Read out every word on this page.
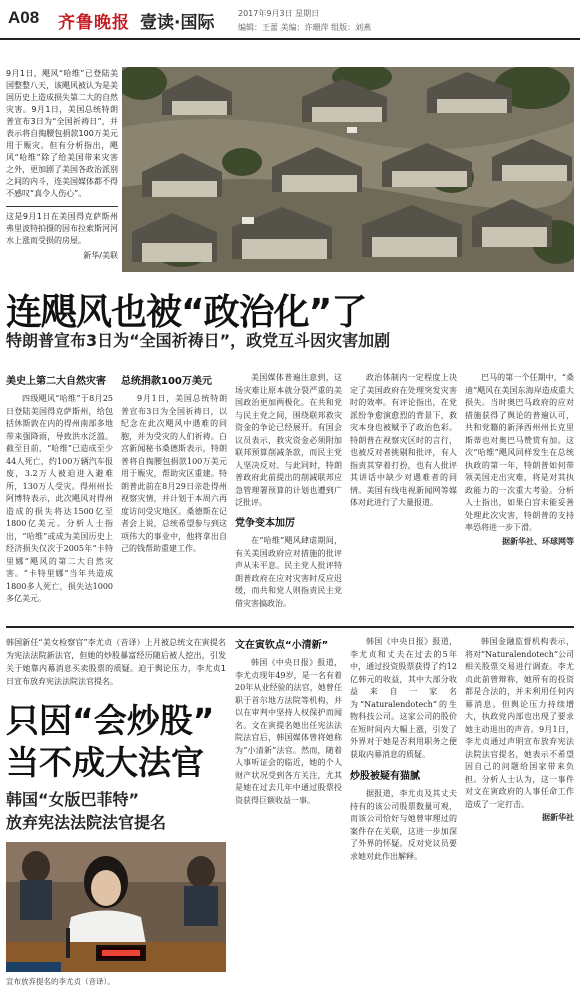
A08 齐鲁晚报 壹读·国际	2017年9月3日 星期日
编辑：王蕾 美编：许珊萍 组版：刘燕

9月1日，飓风“哈维”已登陆美国整整八天，该飓风被认为是美国历史上造成损失第二大的自然灾害。9月1日，美国总统特朗普宣布3日为“全国祈祷日”，并表示将自掏腰包捐款100万美元用于赈灾。但有分析指出，飓风“哈维”除了给美国带来灾害之外，更加剧了美国各政治派别之间的内斗，连美国媒体都不得不感叹“真令人伤心”。

这是9月1日在美国得克萨斯州弗里波特拍摄的因布拉索斯河河水上涨而受损的房屋。
新华/美联
连飓风也被“政治化”了
特朗普宣布3日为“全国祈祷日”，政党互斗因灾害加剧
美史上第二大自然灾害

四级飓风“哈维”于8月25日登陆美国得克萨斯州，给包括休斯敦在内的得州南部多地带来强降雨，导致洪水泛滥。截至目前，“哈维”已造成至少44人死亡，约100万辆汽车报废，3.2万人被迫进入避难所，130万人受灾。得州州长阿博特表示，此次飓风对得州造成的损失将达1500亿至1800亿美元。分析人士指出，“哈维”或成为美国历史上经济损失仅次于2005年“卡特里娜”飓风的第二大自然灾害。“卡特里娜”当年共造成1800多人死亡，损失达1000多亿美元。

总统捐款100万美元

9月1日，美国总统特朗普宣布3日为全国祈祷日，以纪念在此次飓风中遇难的同胞，并为受灾的人们祈祷。白宫新闻秘书桑德斯表示，特朗普将自掏腰包捐款100万美元用于赈灾，帮助灾区重建。特朗普此前在8月29日亲赴得州视察灾情，并计划于本周六再度访问受灾地区。桑德斯在记者会上说，总统希望参与到这项伟大的事业中，他将拿出自己的钱帮助重建工作。

美国媒体普遍注意到，这场灾难让原本就分裂严重的美国政治更加两极化。在共和党与民主党之间，围绕联邦救灾资金的争论已经展开。有国会议员表示，救灾资金必须附加联邦预算削减条款，而民主党人坚决反对。与此同时，特朗普政府此前提出的削减联邦应急管理署预算的计划也遭到广泛批评。

党争变本加厉

在“哈维”飓风肆虐期间，有关美国政府应对措施的批评声从未平息。民主党人批评特朗普政府在应对灾害时反应迟缓，而共和党人则指责民主党借灾害搞政治。

政治体制内一定程度上决定了美国政府在处理突发灾害时的效率。有评论指出，在党派纷争愈演愈烈的背景下，救灾本身也被赋予了政治色彩。特朗普在视察灾区时的言行，也被反对者挑剔和批评，有人指责其穿着打扮，也有人批评其讲话中缺少对遇难者的同情。美国有线电视新闻网等媒体对此进行了大量报道。

巴马的第一个任期中，“桑迪”飓风在美国东海岸造成重大损失。当时奥巴马政府的应对措施获得了舆论的普遍认可，共和党籍的新泽西州州长克里斯蒂也对奥巴马赞赏有加。这次“哈维”飓风同样发生在总统执政的第一年，特朗普如何带领美国走出灾难，将是对其执政能力的一次重大考验。分析人士指出，如果白宫未能妥善处理此次灾害，特朗普的支持率恐将进一步下滑。

据新华社、环球网等

韩国新任“美女检察官”李尤贞（音译）上月被总统文在寅提名为宪法法院新法官，但她的炒股暴富经历随后被人挖出，引发关于她靠内幕消息买卖股票的质疑。迫于舆论压力，李尤贞1日宣布放弃宪法法院法官提名。

只因“会炒股”
当不成大法官
韩国“女版巴菲特”
放弃宪法法院法官提名

宣布放弃提名的李尤贞（音译）。

文在寅钦点“小清新”

韩国《中央日报》报道，李尤贞现年49岁，是一名有着20年从业经验的法官，她曾任职于首尔地方法院等机构，并以在审判中坚持人权保护而闻名。文在寅提名她出任宪法法院法官后，韩国媒体曾将她称为“小清新”法官。然而，随着人事听证会的临近，她的个人财产状况受到各方关注，尤其是她在过去几年中通过股票投资获得巨额收益一事。

韩国《中央日报》报道，李尤贞和丈夫在过去的5年中，通过投资股票获得了约12亿韩元的收益，其中大部分收益来自一家名为“Naturalendotech”的生物科技公司。这家公司的股价在短时间内大幅上涨，引发了外界对于她是否利用职务之便获取内幕消息的质疑。

炒股被疑有猫腻

据报道，李尤贞及其丈夫持有的该公司股票数量可观，而该公司恰好与她曾审理过的案件存在关联，这进一步加深了外界的怀疑。反对党议员要求她对此作出解释。

韩国金融监督机构表示，将对“Naturalendotech”公司相关股票交易进行调查。李尤贞此前曾辩称，她所有的投资都是合法的，并未利用任何内幕消息。但舆论压力持续增大，执政党内部也出现了要求她主动退出的声音。9月1日，李尤贞通过声明宣布放弃宪法法院法官提名，她表示不希望因自己的问题给国家带来负担。分析人士认为，这一事件对文在寅政府的人事任命工作造成了一定打击。

据新华社
